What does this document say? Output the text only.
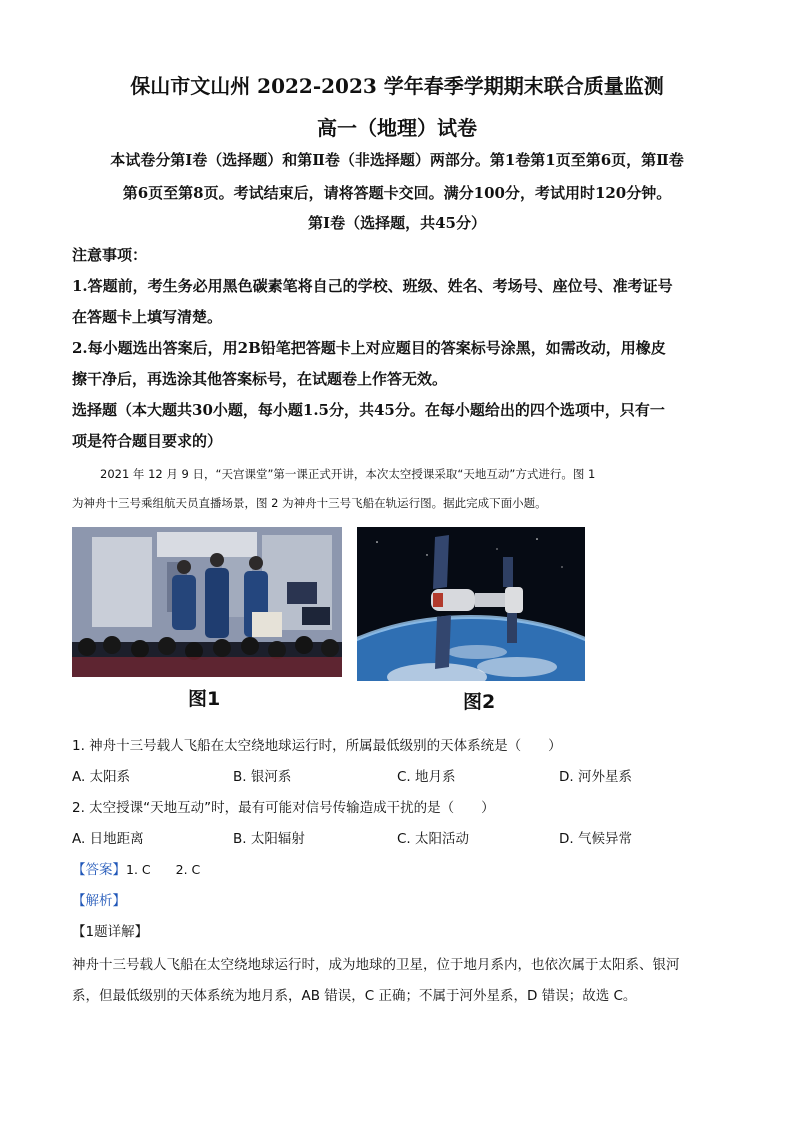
保山市文山州 2022-2023 学年春季学期期末联合质量监测
高一（地理）试卷
本试卷分第Ⅰ卷（选择题）和第Ⅱ卷（非选择题）两部分。第1卷第1页至第6页，第Ⅱ卷
第6页至第8页。考试结束后，请将答题卡交回。满分100分，考试用时120分钟。
第Ⅰ卷（选择题，共45分）
注意事项：
1.答题前，考生务必用黑色碳素笔将自己的学校、班级、姓名、考场号、座位号、准考证号
在答题卡上填写清楚。
2.每小题选出答案后，用2B铅笔把答题卡上对应题目的答案标号涂黑，如需改动，用橡皮
擦干净后，再选涂其他答案标号，在试题卷上作答无效。
选择题（本大题共30小题，每小题1.5分，共45分。在每小题给出的四个选项中，只有一
项是符合题目要求的）
2021 年 12 月 9 日，“天宫课堂”第一课正式开讲，本次太空授课采取“天地互动”方式进行。图 1
为神舟十三号乘组航天员直播场景，图 2 为神舟十三号飞船在轨运行图。据此完成下面小题。
图1	图2
1. 神舟十三号载人飞船在太空绕地球运行时，所属最低级别的天体系统是（　　）
A. 太阳系	B. 银河系	C. 地月系	D. 河外星系
2. 太空授课“天地互动”时，最有可能对信号传输造成干扰的是（　　）
A. 日地距离	B. 太阳辐射	C. 太阳活动	D. 气候异常
【答案】1. C　　2. C
【解析】
【1题详解】
神舟十三号载人飞船在太空绕地球运行时，成为地球的卫星，位于地月系内，也依次属于太阳系、银河
系，但最低级别的天体系统为地月系，AB 错误，C 正确；不属于河外星系，D 错误；故选 C。
